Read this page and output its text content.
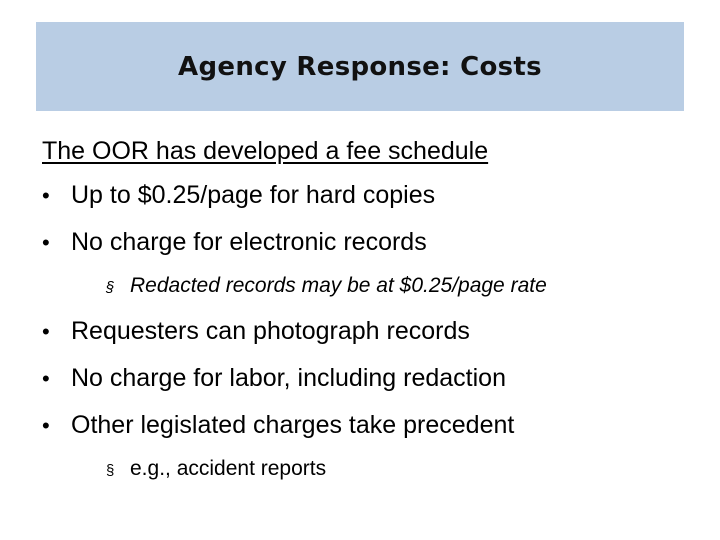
Agency Response: Costs
The OOR has developed a fee schedule
• Up to $0.25/page for hard copies
• No charge for electronic records
§ Redacted records may be at $0.25/page rate
• Requesters can photograph records
• No charge for labor, including redaction
• Other legislated charges take precedent
§ e.g., accident reports
